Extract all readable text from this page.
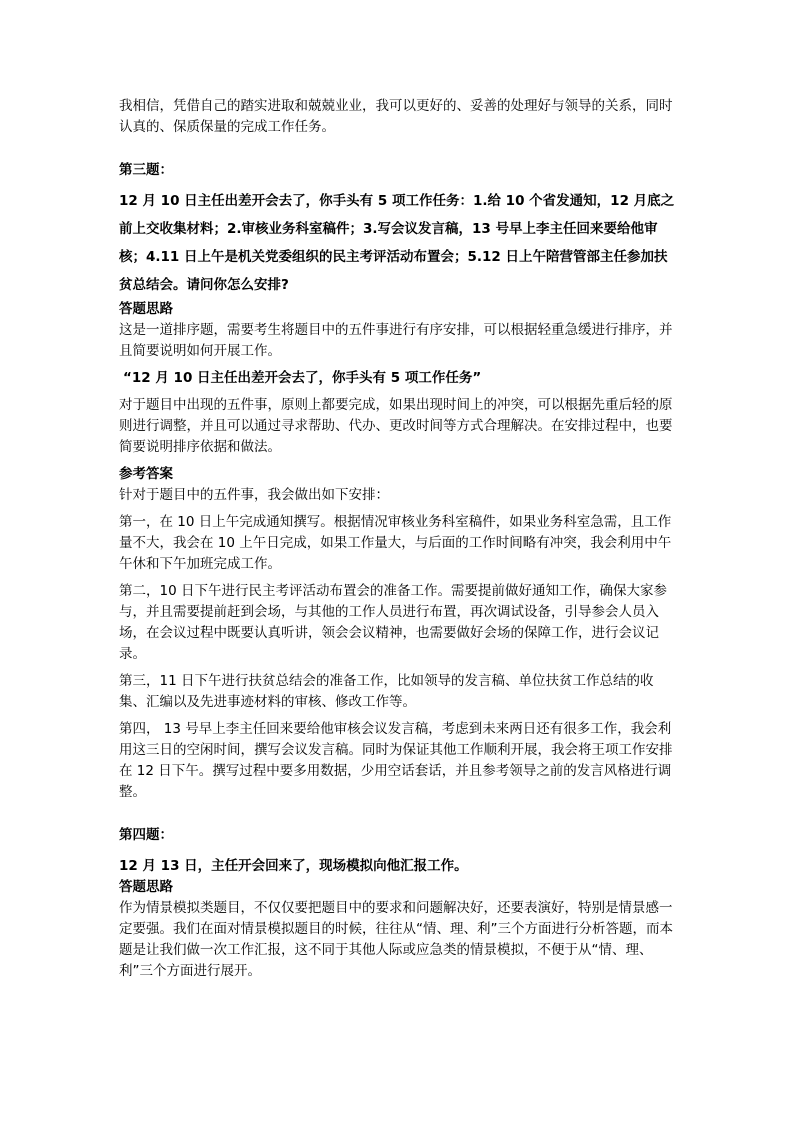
我相信，凭借自己的踏实进取和兢兢业业，我可以更好的、妥善的处理好与领导的关系，同时认真的、保质保量的完成工作任务。

第三题：

12 月 10 日主任出差开会去了，你手头有 5 项工作任务：1.给 10 个省发通知，12 月底之前上交收集材料；2.审核业务科室稿件；3.写会议发言稿，13 号早上李主任回来要给他审核；4.11 日上午是机关党委组织的民主考评活动布置会；5.12 日上午陪营管部主任参加扶贫总结会。请问你怎么安排?

答题思路

这是一道排序题，需要考生将题目中的五件事进行有序安排，可以根据轻重急缓进行排序，并且简要说明如何开展工作。

“12 月 10 日主任出差开会去了，你手头有 5 项工作任务”

对于题目中出现的五件事，原则上都要完成，如果出现时间上的冲突，可以根据先重后轻的原则进行调整，并且可以通过寻求帮助、代办、更改时间等方式合理解决。在安排过程中，也要简要说明排序依据和做法。

参考答案

针对于题目中的五件事，我会做出如下安排：

第一，在 10 日上午完成通知撰写。根据情况审核业务科室稿件，如果业务科室急需，且工作量不大，我会在 10 上午日完成，如果工作量大，与后面的工作时间略有冲突，我会利用中午午休和下午加班完成工作。

第二，10 日下午进行民主考评活动布置会的准备工作。需要提前做好通知工作，确保大家参与，并且需要提前赶到会场，与其他的工作人员进行布置，再次调试设备，引导参会人员入场，在会议过程中既要认真听讲，领会会议精神，也需要做好会场的保障工作，进行会议记录。

第三，11 日下午进行扶贫总结会的准备工作，比如领导的发言稿、单位扶贫工作总结的收集、汇编以及先进事迹材料的审核、修改工作等。

第四， 13 号早上李主任回来要给他审核会议发言稿，考虑到未来两日还有很多工作，我会利用这三日的空闲时间，撰写会议发言稿。同时为保证其他工作顺利开展，我会将王项工作安排在 12 日下午。撰写过程中要多用数据，少用空话套话，并且参考领导之前的发言风格进行调整。

第四题：

12 月 13 日，主任开会回来了，现场模拟向他汇报工作。

答题思路

作为情景模拟类题目，不仅仅要把题目中的要求和问题解决好，还要表演好，特别是情景感一定要强。我们在面对情景模拟题目的时候，往往从“情、理、利”三个方面进行分析答题，而本题是让我们做一次工作汇报，这不同于其他人际或应急类的情景模拟，不便于从“情、理、利”三个方面进行展开。
